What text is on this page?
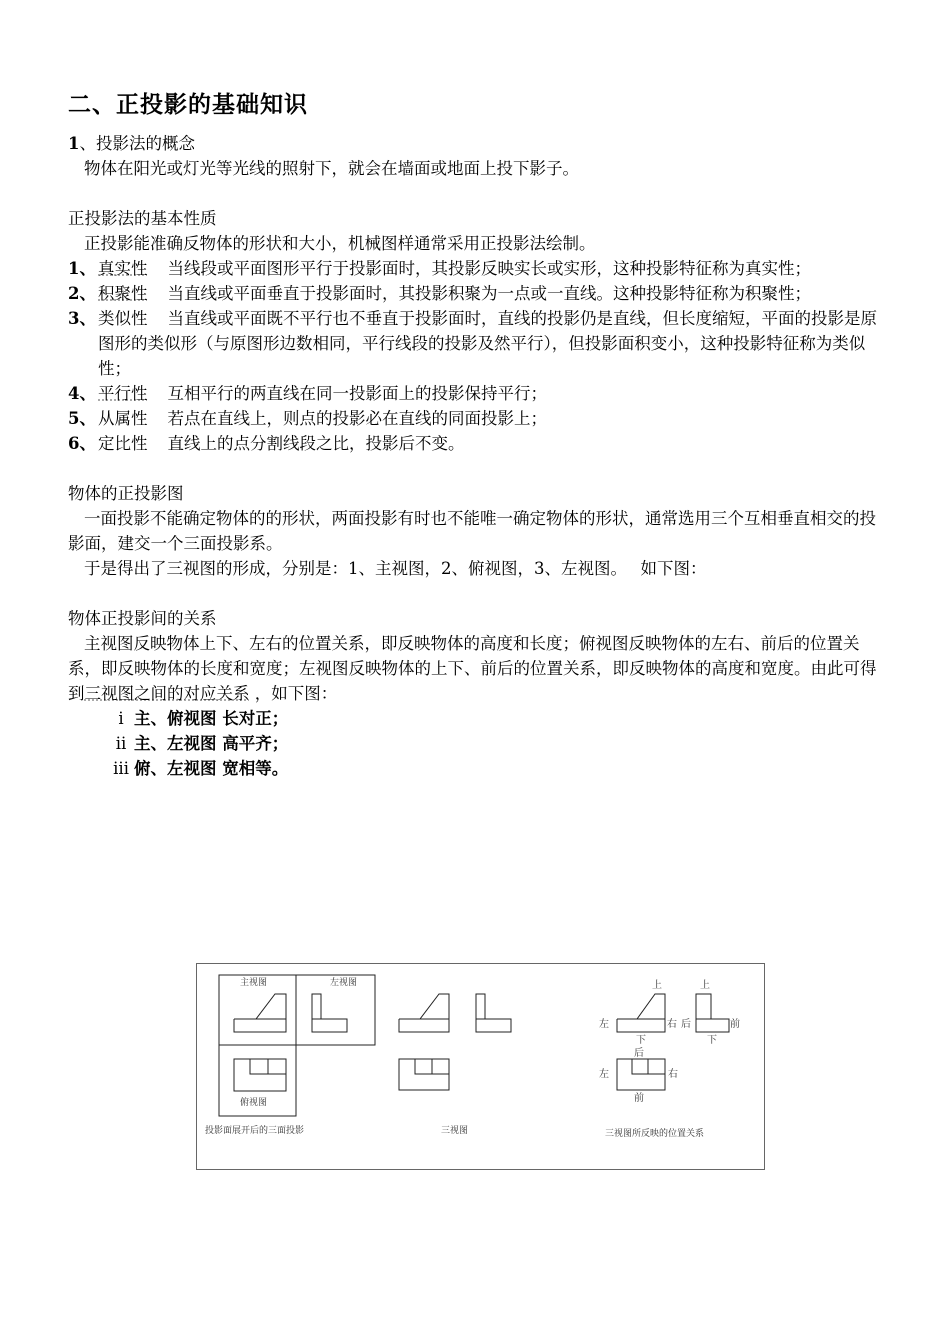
二、正投影的基础知识

1、投影法的概念

物体在阳光或灯光等光线的照射下，就会在墙面或地面上投下影子。

正投影法的基本性质

正投影能准确反物体的形状和大小，机械图样通常采用正投影法绘制。

1、 真实性 当线段或平面图形平行于投影面时，其投影反映实长或实形，这种投影特征称为真实性；
2、 积聚性 当直线或平面垂直于投影面时，其投影积聚为一点或一直线。这种投影特征称为积聚性；
3、 类似性 当直线或平面既不平行也不垂直于投影面时，直线的投影仍是直线，但长度缩短，平面的投影是原图形的类似形（与原图形边数相同，平行线段的投影及然平行），但投影面积变小，这种投影特征称为类似性；
4、 平行性 互相平行的两直线在同一投影面上的投影保持平行；
5、 从属性 若点在直线上，则点的投影必在直线的同面投影上；
6、 定比性 直线上的点分割线段之比，投影后不变。

物体的正投影图

一面投影不能确定物体的的形状，两面投影有时也不能唯一确定物体的形状，通常选用三个互相垂直相交的投影面，建交一个三面投影系。

于是得出了三视图的形成，分别是：1、主视图，2、俯视图，3、左视图。　 如下图：

物体正投影间的关系

主视图反映物体上下、左右的位置关系，即反映物体的高度和长度；俯视图反映物体的左右、前后的位置关系，即反映物体的长度和宽度；左视图反映物体的上下、前后的位置关系，即反映物体的高度和宽度。由此可得到三视图之间的对应关系 ，如下图：

ⅰ 主、俯视图 长对正；
ⅱ 主、左视图 高平齐；
ⅲ 俯、左视图 宽相等。
主视图	左视图
俯视图
投影面展开后的三面投影	三视图	三视图所反映的位置关系
上	上
左	右 后	前
下	下
后
左	右
前
